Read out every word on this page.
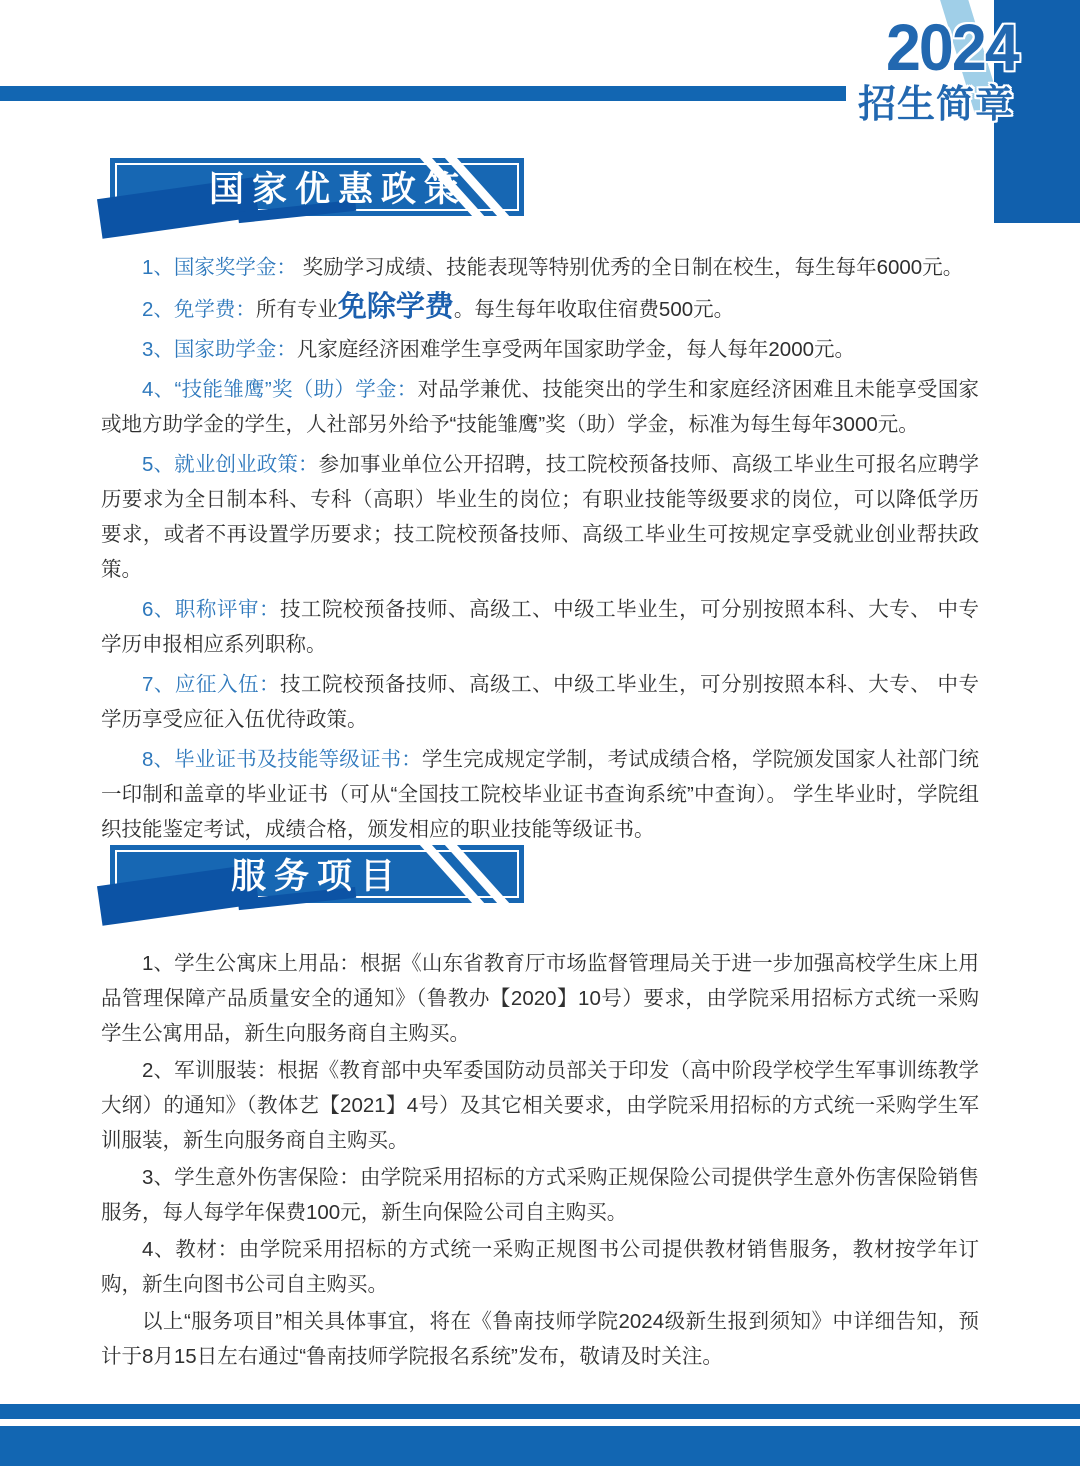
2024
招生简章
国家优惠政策

1、国家奖学金： 奖励学习成绩、技能表现等特别优秀的全日制在校生，每生每年6000元。

2、免学费：所有专业免除学费。每生每年收取住宿费500元。

3、国家助学金：凡家庭经济困难学生享受两年国家助学金，每人每年2000元。

4、“技能雏鹰”奖（助）学金：对品学兼优、技能突出的学生和家庭经济困难且未能享受国家或地方助学金的学生，人社部另外给予“技能雏鹰”奖（助）学金，标准为每生每年3000元。

5、就业创业政策：参加事业单位公开招聘，技工院校预备技师、高级工毕业生可报名应聘学历要求为全日制本科、专科（高职）毕业生的岗位；有职业技能等级要求的岗位，可以降低学历要求，或者不再设置学历要求；技工院校预备技师、高级工毕业生可按规定享受就业创业帮扶政策。

6、职称评审：技工院校预备技师、高级工、中级工毕业生，可分别按照本科、大专、 中专学历申报相应系列职称。

7、应征入伍：技工院校预备技师、高级工、中级工毕业生，可分别按照本科、大专、 中专学历享受应征入伍优待政策。

8、毕业证书及技能等级证书：学生完成规定学制，考试成绩合格，学院颁发国家人社部门统一印制和盖章的毕业证书（可从“全国技工院校毕业证书查询系统”中查询）。 学生毕业时，学院组织技能鉴定考试，成绩合格，颁发相应的职业技能等级证书。

服务项目

1、学生公寓床上用品：根据《山东省教育厅市场监督管理局关于进一步加强高校学生床上用品管理保障产品质量安全的通知》（鲁教办【2020】10号）要求，由学院采用招标方式统一采购学生公寓用品，新生向服务商自主购买。

2、军训服装：根据《教育部中央军委国防动员部关于印发（高中阶段学校学生军事训练教学大纲）的通知》（教体艺【2021】4号）及其它相关要求，由学院采用招标的方式统一采购学生军训服装，新生向服务商自主购买。

3、学生意外伤害保险：由学院采用招标的方式采购正规保险公司提供学生意外伤害保险销售服务，每人每学年保费100元，新生向保险公司自主购买。

4、教材：由学院采用招标的方式统一采购正规图书公司提供教材销售服务，教材按学年订购，新生向图书公司自主购买。

以上“服务项目”相关具体事宜，将在《鲁南技师学院2024级新生报到须知》中详细告知，预计于8月15日左右通过“鲁南技师学院报名系统”发布，敬请及时关注。
